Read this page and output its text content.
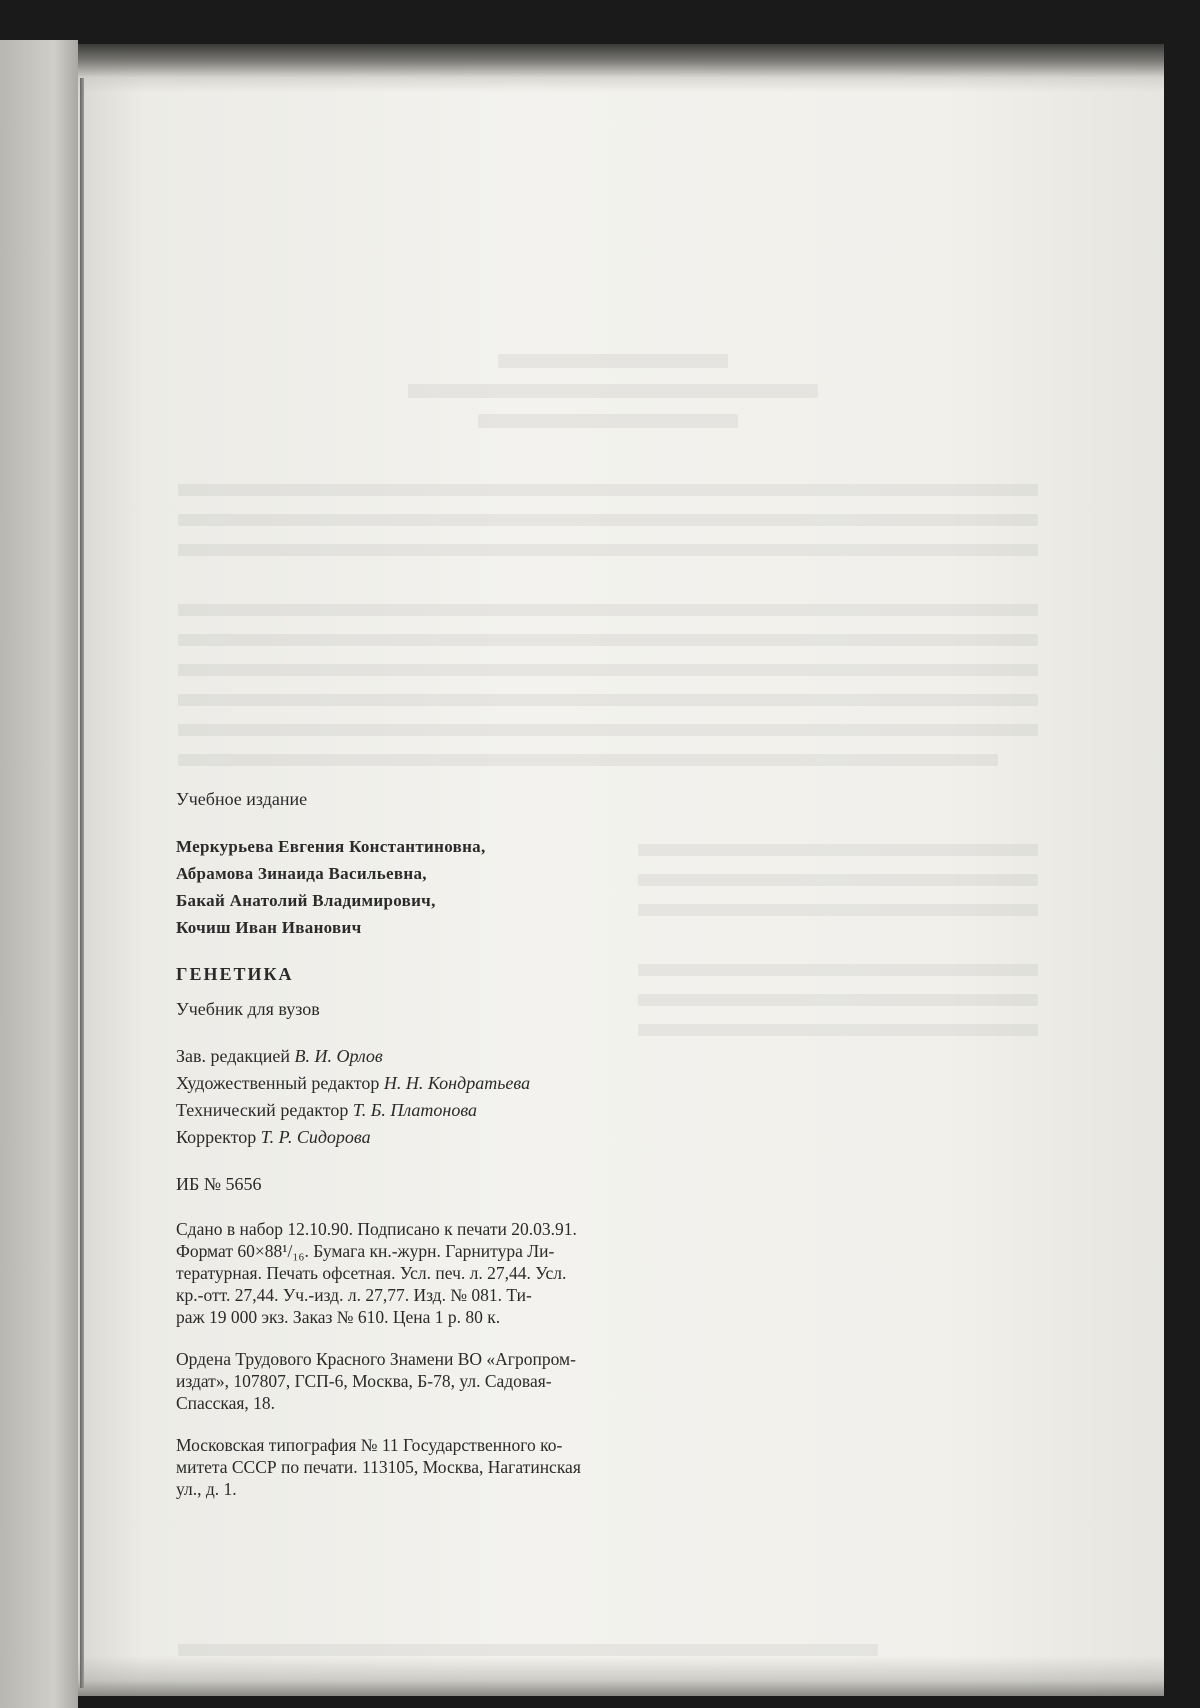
Учебное издание

Меркурьева Евгения Константиновна,

Абрамова Зинаида Васильевна,

Бакай Анатолий Владимирович,

Кочиш Иван Иванович

ГЕНЕТИКА

Учебник для вузов

Зав. редакцией В. И. Орлов

Художественный редактор Н. Н. Кондратьева

Технический редактор Т. Б. Платонова

Корректор Т. Р. Сидорова

ИБ № 5656

Сдано в набор 12.10.90. Подписано к печати 20.03.91.

Формат 60×88¹/₁₆. Бумага кн.-журн. Гарнитура Ли-

тературная. Печать офсетная. Усл. печ. л. 27,44. Усл.

кр.-отт. 27,44. Уч.-изд. л. 27,77. Изд. № 081. Ти-

раж 19 000 экз. Заказ № 610. Цена 1 р. 80 к.

Ордена Трудового Красного Знамени ВО «Агропром-

издат», 107807, ГСП-6, Москва, Б-78, ул. Садовая-

Спасская, 18.

Московская типография № 11 Государственного ко-

митета СССР по печати. 113105, Москва, Нагатинская

ул., д. 1.
